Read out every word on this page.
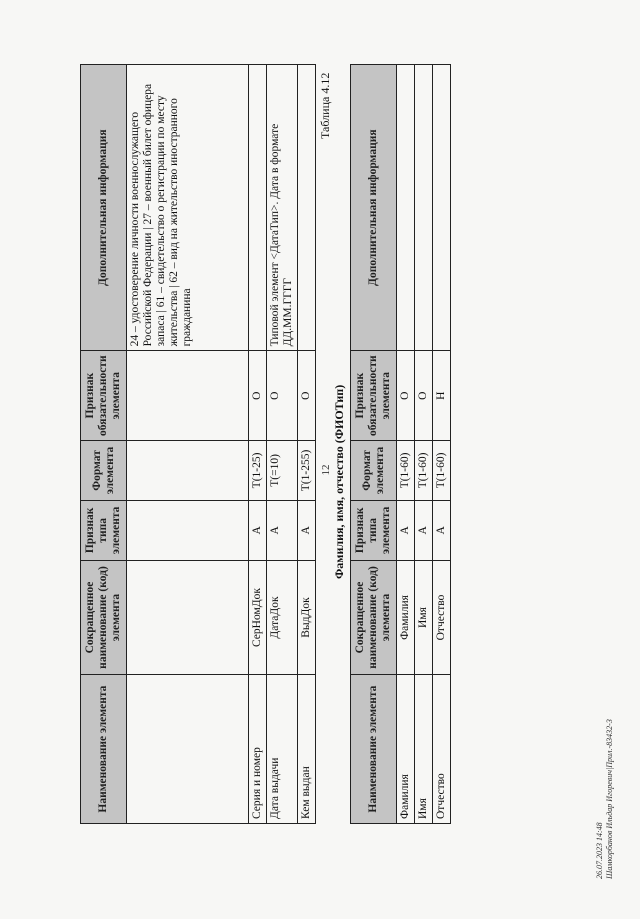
12
Наименование элемента	Сокращенное наименование (код) элемента	Признак типа элемента	Формат элемента	Признак обязательности элемента	Дополнительная информация
					24 – удостоверение личности военнослужащего Российской Федерации | 27 – военный билет офицера запаса | 61 – свидетельство о регистрации по месту жительства | 62 – вид на жительство иностранного гражданина
Серия и номер	СерНомДок	А	Т(1-25)	О	
Дата выдачи	ДатаДок	А	Т(=10)	О	Типовой элемент <ДатаТип>. Дата в формате ДД.ММ.ГГГГ
Кем выдан	ВыдДок	А	Т(1-255)	О	
Таблица 4.12
Фамилия, имя, отчество (ФИОТип)
Наименование элемента	Сокращенное наименование (код) элемента	Признак типа элемента	Формат элемента	Признак обязательности элемента	Дополнительная информация
Фамилия	Фамилия	А	Т(1-60)	О	
Имя	Имя	А	Т(1-60)	О	
Отчество	Отчество	А	Т(1-60)	Н	
26.07.2023 14:48 Шамкорбанов Ильдар Игоревич|Прил.-83432-3
